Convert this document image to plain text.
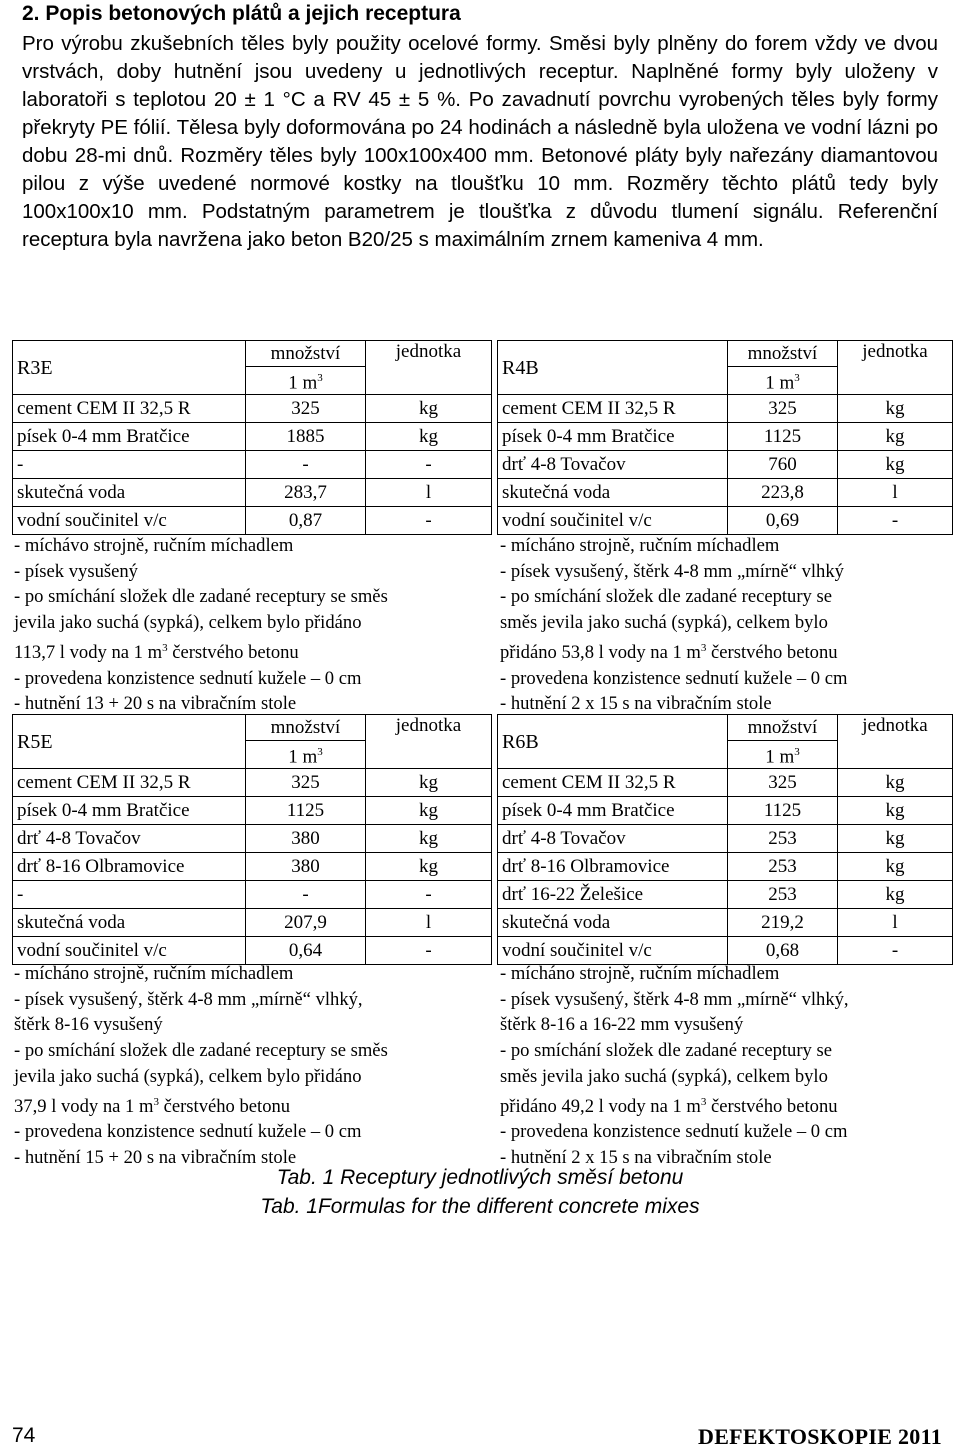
2. Popis betonových plátů a jejich receptura
Pro výrobu zkušebních těles byly použity ocelové formy. Směsi byly plněny do forem vždy ve dvou vrstvách, doby hutnění jsou uvedeny u jednotlivých receptur. Naplněné formy byly uloženy v laboratoři s teplotou 20 ± 1 °C a RV 45 ± 5 %. Po zavadnutí povrchu vyrobených těles byly formy překryty PE fólií. Tělesa byly doformována po 24 hodinách a následně byla uložena ve vodní lázni po dobu 28-mi dnů. Rozměry těles byly 100x100x400 mm. Betonové pláty byly nařezány diamantovou pilou z výše uvedené normové kostky na tloušťku 10 mm. Rozměry těchto plátů tedy byly 100x100x10 mm. Podstatným parametrem je tloušťka z důvodu tlumení signálu. Referenční receptura byla navržena jako beton B20/25 s maximálním zrnem kameniva 4 mm.
R3E	množství	jednotka
	1 $m^3$
cement CEM II 32,5 R	325	kg
písek 0-4 mm Bratčice	1885	kg
-	-	-
skutečná voda	283,7	l
vodní součinitel v/c	0,87	-
- míchávo strojně, ručním míchadlem
- písek vysušený
- po smíchání složek dle zadané receptury se směs
jevila jako suchá (sypká), celkem bylo přidáno
113,7 l vody na 1 $m^3$ čerstvého betonu
- provedena konzistence sednutí kužele – 0 cm
- hutnění 13 + 20 s na vibračním stole
R4B	množství	jednotka
	1 $m^3$
cement CEM II 32,5 R	325	kg
písek 0-4 mm Bratčice	1125	kg
drť 4-8 Tovačov	760	kg
skutečná voda	223,8	l
vodní součinitel v/c	0,69	-
- mícháno strojně, ručním míchadlem
- písek vysušený, štěrk 4-8 mm „mírně“ vlhký
- po smíchání složek dle zadané receptury se
směs jevila jako suchá (sypká), celkem bylo
přidáno 53,8 l vody na 1 $m^3$ čerstvého betonu
- provedena konzistence sednutí kužele – 0 cm
- hutnění 2 x 15 s na vibračním stole
R5E	množství	jednotka
	1 $m^3$
cement CEM II 32,5 R	325	kg
písek 0-4 mm Bratčice	1125	kg
drť 4-8 Tovačov	380	kg
drť 8-16 Olbramovice	380	kg
-	-	-
skutečná voda	207,9	l
vodní součinitel v/c	0,64	-
- mícháno strojně, ručním míchadlem
- písek vysušený, štěrk 4-8 mm „mírně“ vlhký,
štěrk 8-16 vysušený
- po smíchání složek dle zadané receptury se směs
jevila jako suchá (sypká), celkem bylo přidáno
37,9 l vody na 1 $m^3$ čerstvého betonu
- provedena konzistence sednutí kužele – 0 cm
- hutnění 15 + 20 s na vibračním stole
R6B	množství	jednotka
	1 $m^3$
cement CEM II 32,5 R	325	kg
písek 0-4 mm Bratčice	1125	kg
drť 4-8 Tovačov	253	kg
drť 8-16 Olbramovice	253	kg
drť 16-22 Želešice	253	kg
skutečná voda	219,2	l
vodní součinitel v/c	0,68	-
- mícháno strojně, ručním míchadlem
- písek vysušený, štěrk 4-8 mm „mírně“ vlhký,
štěrk 8-16 a 16-22 mm vysušený
- po smíchání složek dle zadané receptury se
směs jevila jako suchá (sypká), celkem bylo
přidáno 49,2 l vody na 1 $m^3$ čerstvého betonu
- provedena konzistence sednutí kužele – 0 cm
- hutnění 2 x 15 s na vibračním stole
Tab. 1 Receptury jednotlivých směsí betonu
Tab. 1Formulas for the different concrete mixes
74	DEFEKTOSKOPIE 2011
